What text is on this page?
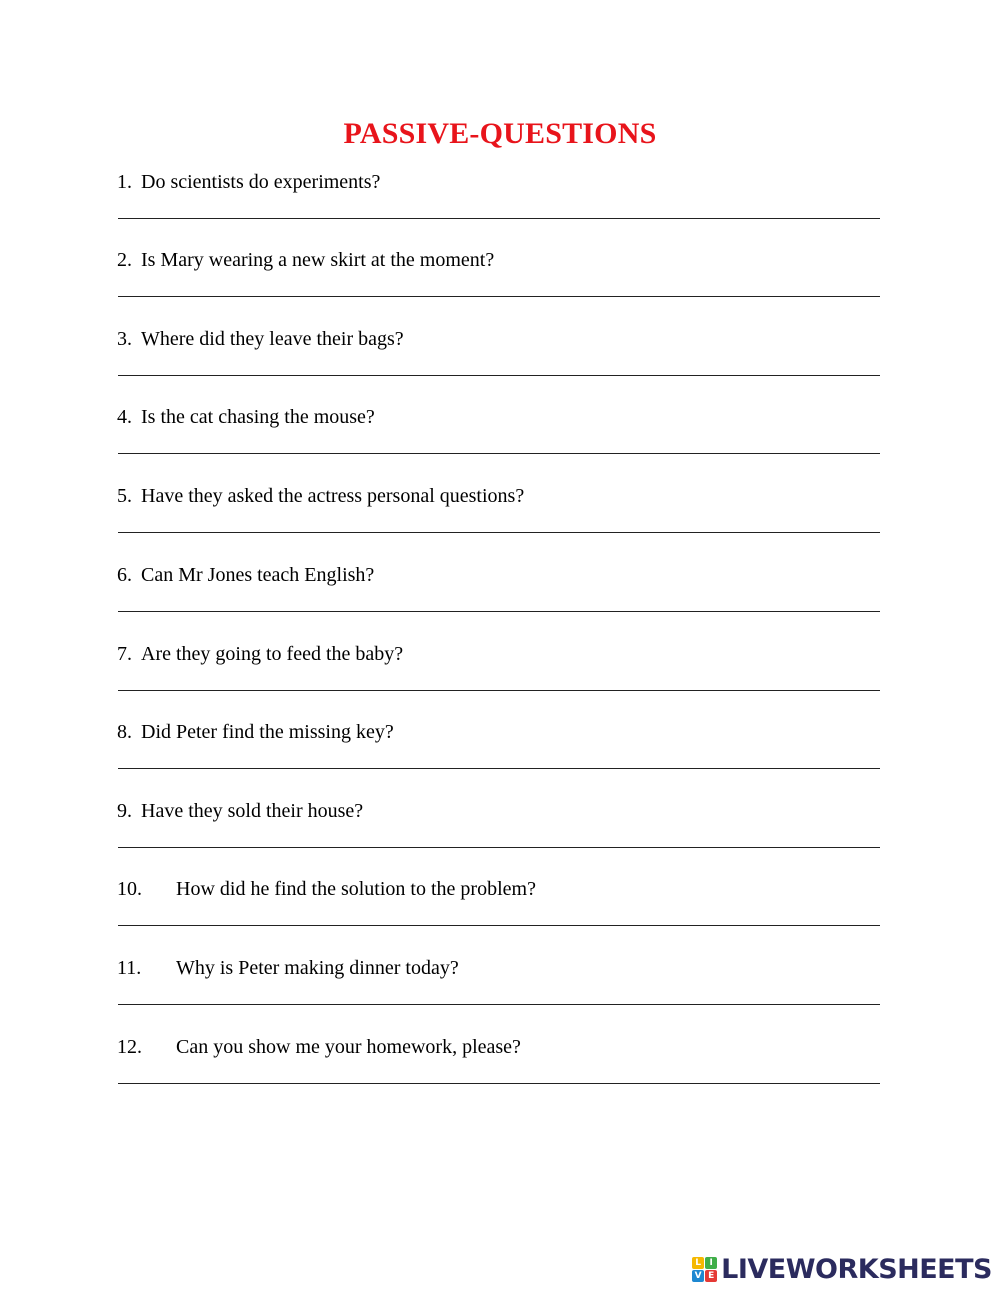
PASSIVE-QUESTIONS
1. Do scientists do experiments?
2. Is Mary wearing a new skirt at the moment?
3. Where did they leave their bags?
4. Is the cat chasing the mouse?
5. Have they asked the actress personal questions?
6. Can Mr Jones teach English?
7. Are they going to feed the baby?
8. Did Peter find the missing key?
9. Have they sold their house?
10. How did he find the solution to the problem?
11. Why is Peter making dinner today?
12. Can you show me your homework, please?
L I
V E LIVEWORKSHEETS
